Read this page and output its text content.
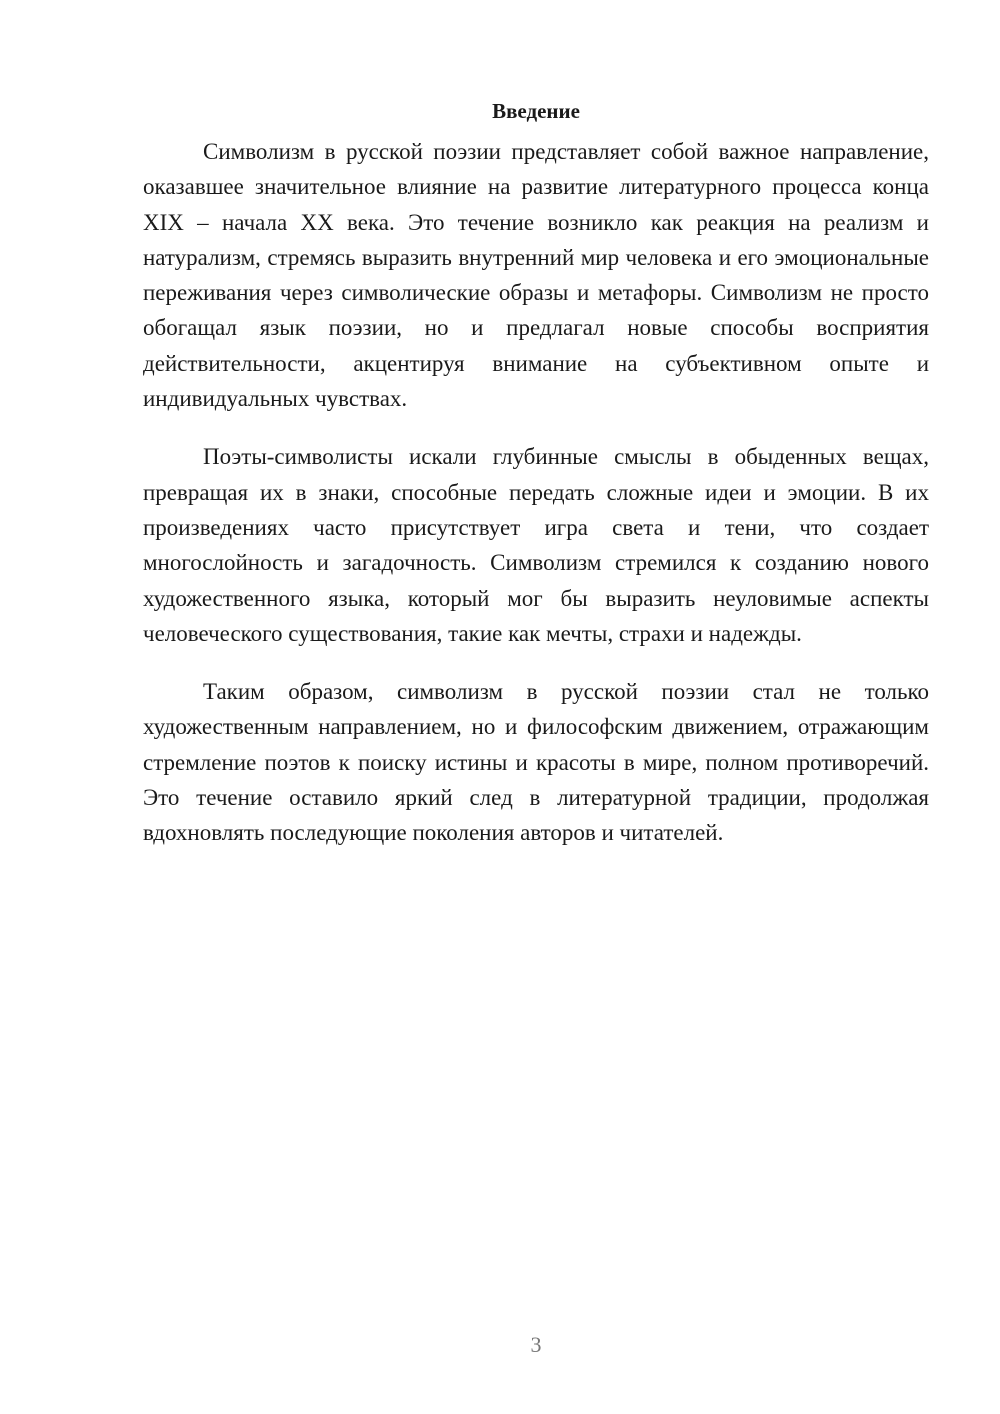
Введение

Символизм в русской поэзии представляет собой важное направление, оказавшее значительное влияние на развитие литературного процесса конца XIX – начала XX века. Это течение возникло как реакция на реализм и натурализм, стремясь выразить внутренний мир человека и его эмоциональные переживания через символические образы и метафоры. Символизм не просто обогащал язык поэзии, но и предлагал новые способы восприятия действительности, акцентируя внимание на субъективном опыте и индивидуальных чувствах.

Поэты-символисты искали глубинные смыслы в обыденных вещах, превращая их в знаки, способные передать сложные идеи и эмоции. В их произведениях часто присутствует игра света и тени, что создает многослойность и загадочность. Символизм стремился к созданию нового художественного языка, который мог бы выразить неуловимые аспекты человеческого существования, такие как мечты, страхи и надежды.

Таким образом, символизм в русской поэзии стал не только художественным направлением, но и философским движением, отражающим стремление поэтов к поиску истины и красоты в мире, полном противоречий. Это течение оставило яркий след в литературной традиции, продолжая вдохновлять последующие поколения авторов и читателей.

3
